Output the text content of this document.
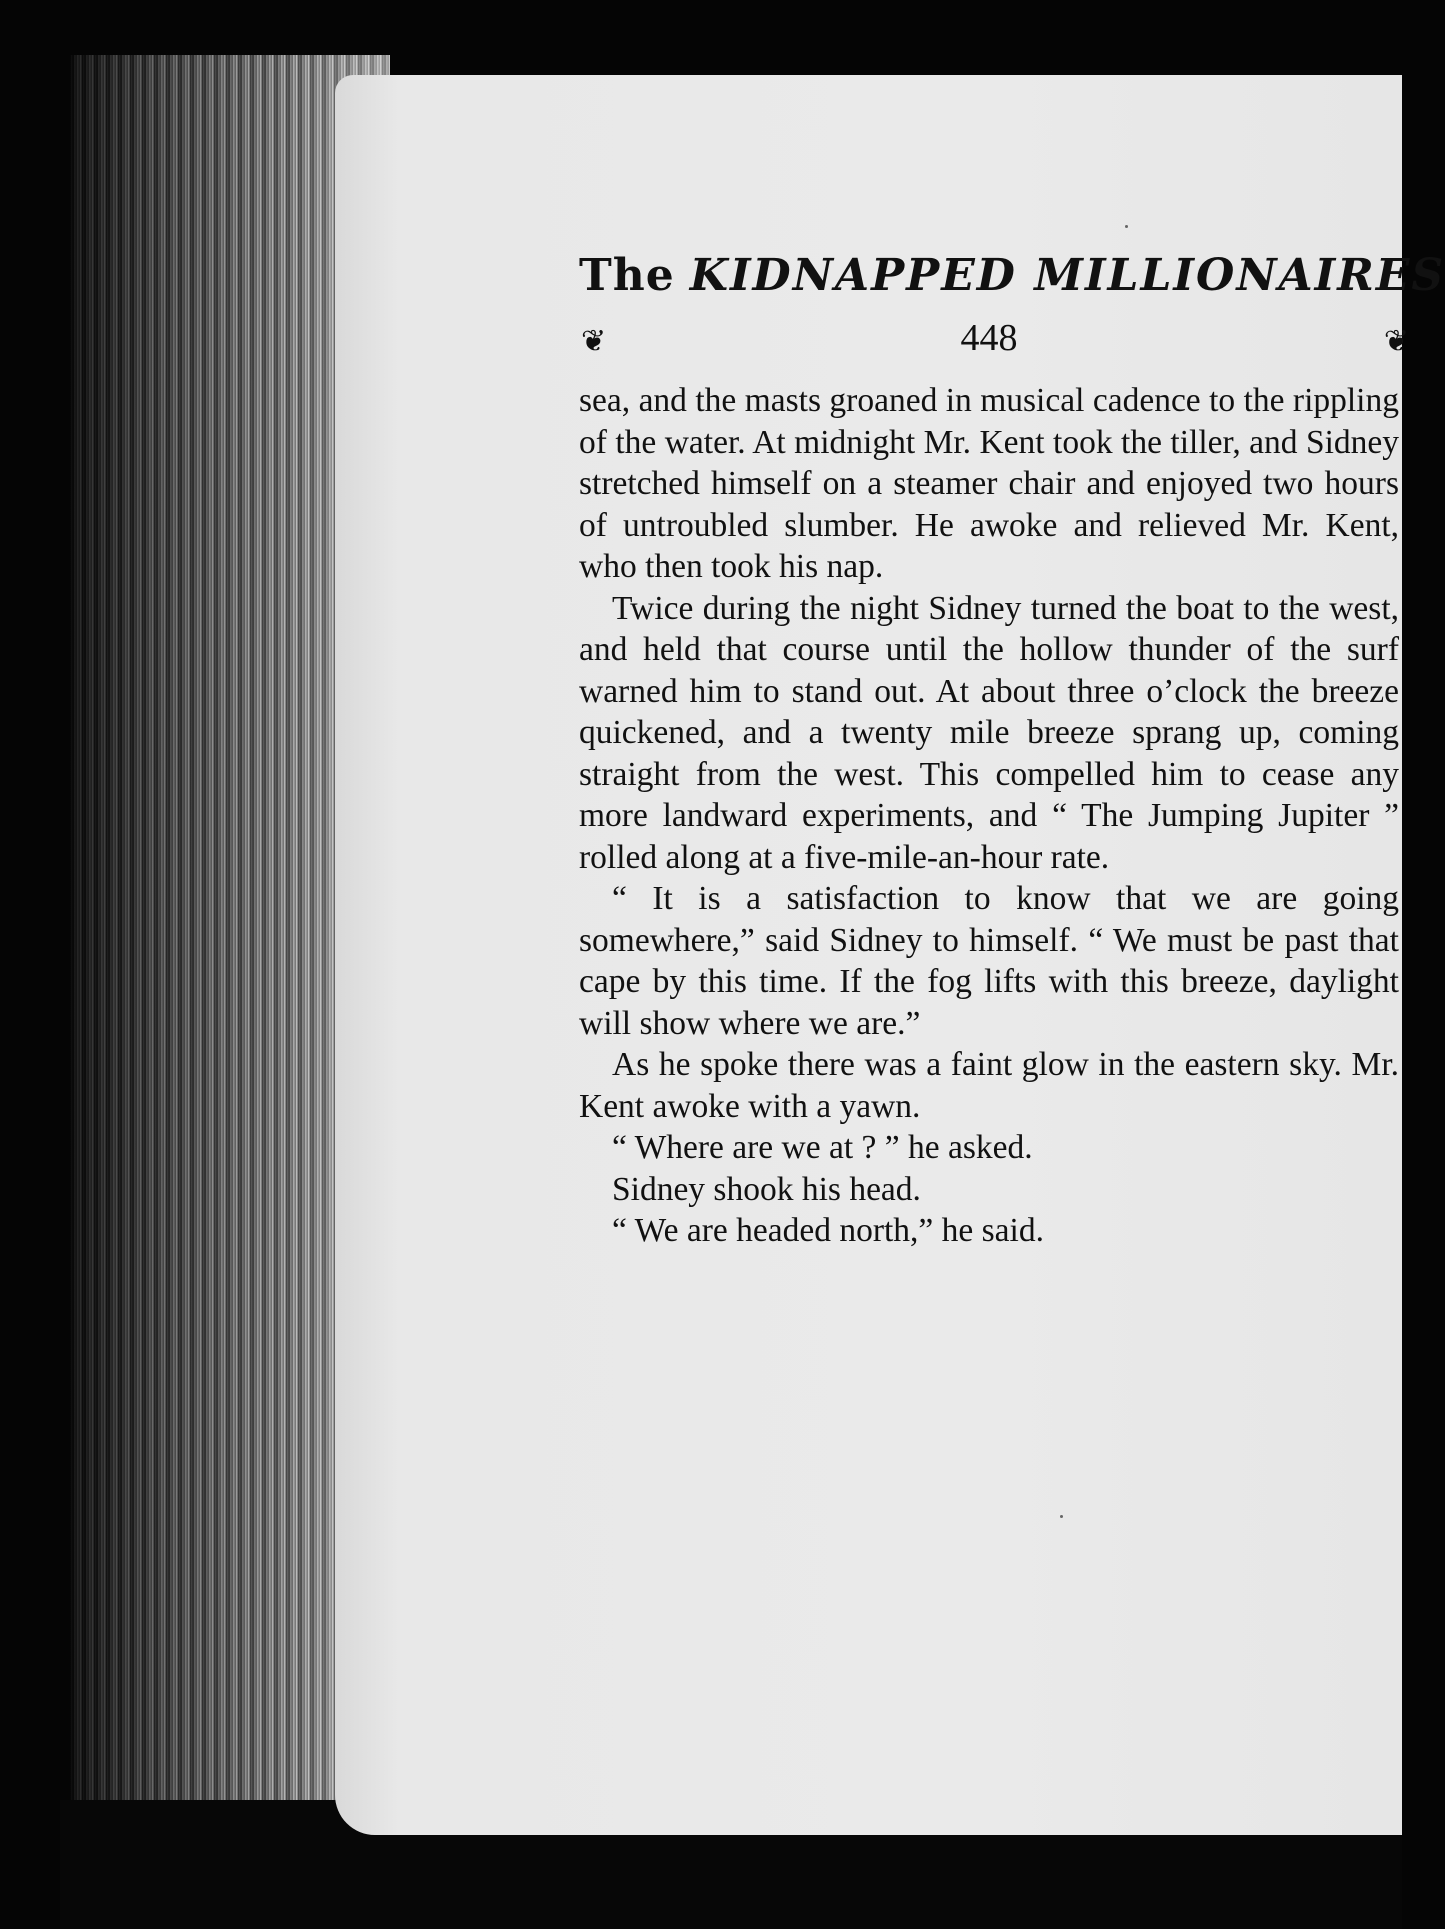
The KIDNAPPED MILLIONAIRES
❦	448	❦

sea, and the masts groaned in musical cadence to the rippling of the water. At midnight Mr. Kent took the tiller, and Sidney stretched himself on a steamer chair and enjoyed two hours of untroubled slumber. He awoke and relieved Mr. Kent, who then took his nap.

Twice during the night Sidney turned the boat to the west, and held that course until the hollow thunder of the surf warned him to stand out. At about three o’clock the breeze quickened, and a twenty mile breeze sprang up, coming straight from the west. This compelled him to cease any more landward experiments, and “ The Jumping Jupiter ” rolled along at a five-mile-an-hour rate.

“ It is a satisfaction to know that we are going somewhere,” said Sidney to himself. “ We must be past that cape by this time. If the fog lifts with this breeze, daylight will show where we are.”

As he spoke there was a faint glow in the eastern sky. Mr. Kent awoke with a yawn.

“ Where are we at ? ” he asked.

Sidney shook his head.

“ We are headed north,” he said.
